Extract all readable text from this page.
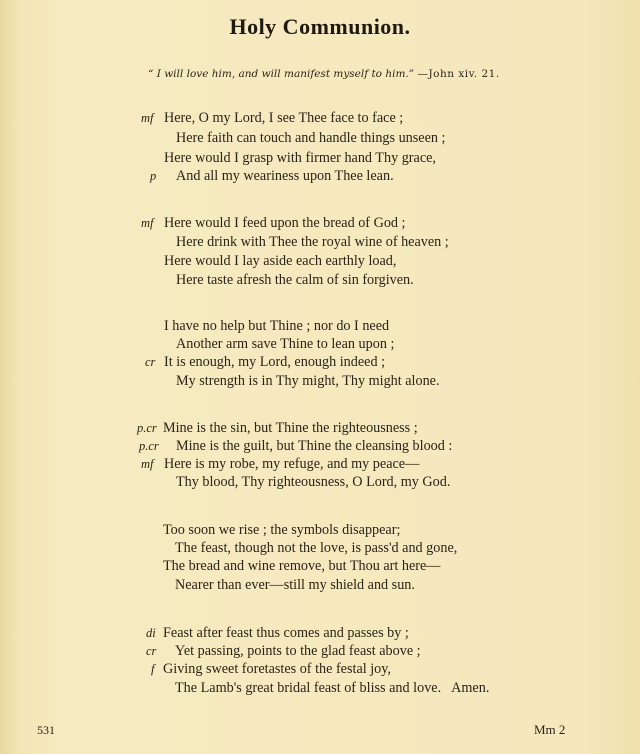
Holy Communion.
“ I will love him, and will manifest myself to him.” —John xiv. 21.
mf Here, O my Lord, I see Thee face to face ;
Here faith can touch and handle things unseen ;
Here would I grasp with firmer hand Thy grace,
p And all my weariness upon Thee lean.
mf Here would I feed upon the bread of God ;
Here drink with Thee the royal wine of heaven ;
Here would I lay aside each earthly load,
Here taste afresh the calm of sin forgiven.
I have no help but Thine ; nor do I need
Another arm save Thine to lean upon ;
cr It is enough, my Lord, enough indeed ;
My strength is in Thy might, Thy might alone.
p.cr Mine is the sin, but Thine the righteousness ;
p.cr Mine is the guilt, but Thine the cleansing blood :
mf Here is my robe, my refuge, and my peace—
Thy blood, Thy righteousness, O Lord, my God.
Too soon we rise ; the symbols disappear;
The feast, though not the love, is pass'd and gone,
The bread and wine remove, but Thou art here—
Nearer than ever—still my shield and sun.
di Feast after feast thus comes and passes by ;
cr Yet passing, points to the glad feast above ;
f Giving sweet foretastes of the festal joy,
The Lamb's great bridal feast of bliss and love. Amen.
531	Mm 2
